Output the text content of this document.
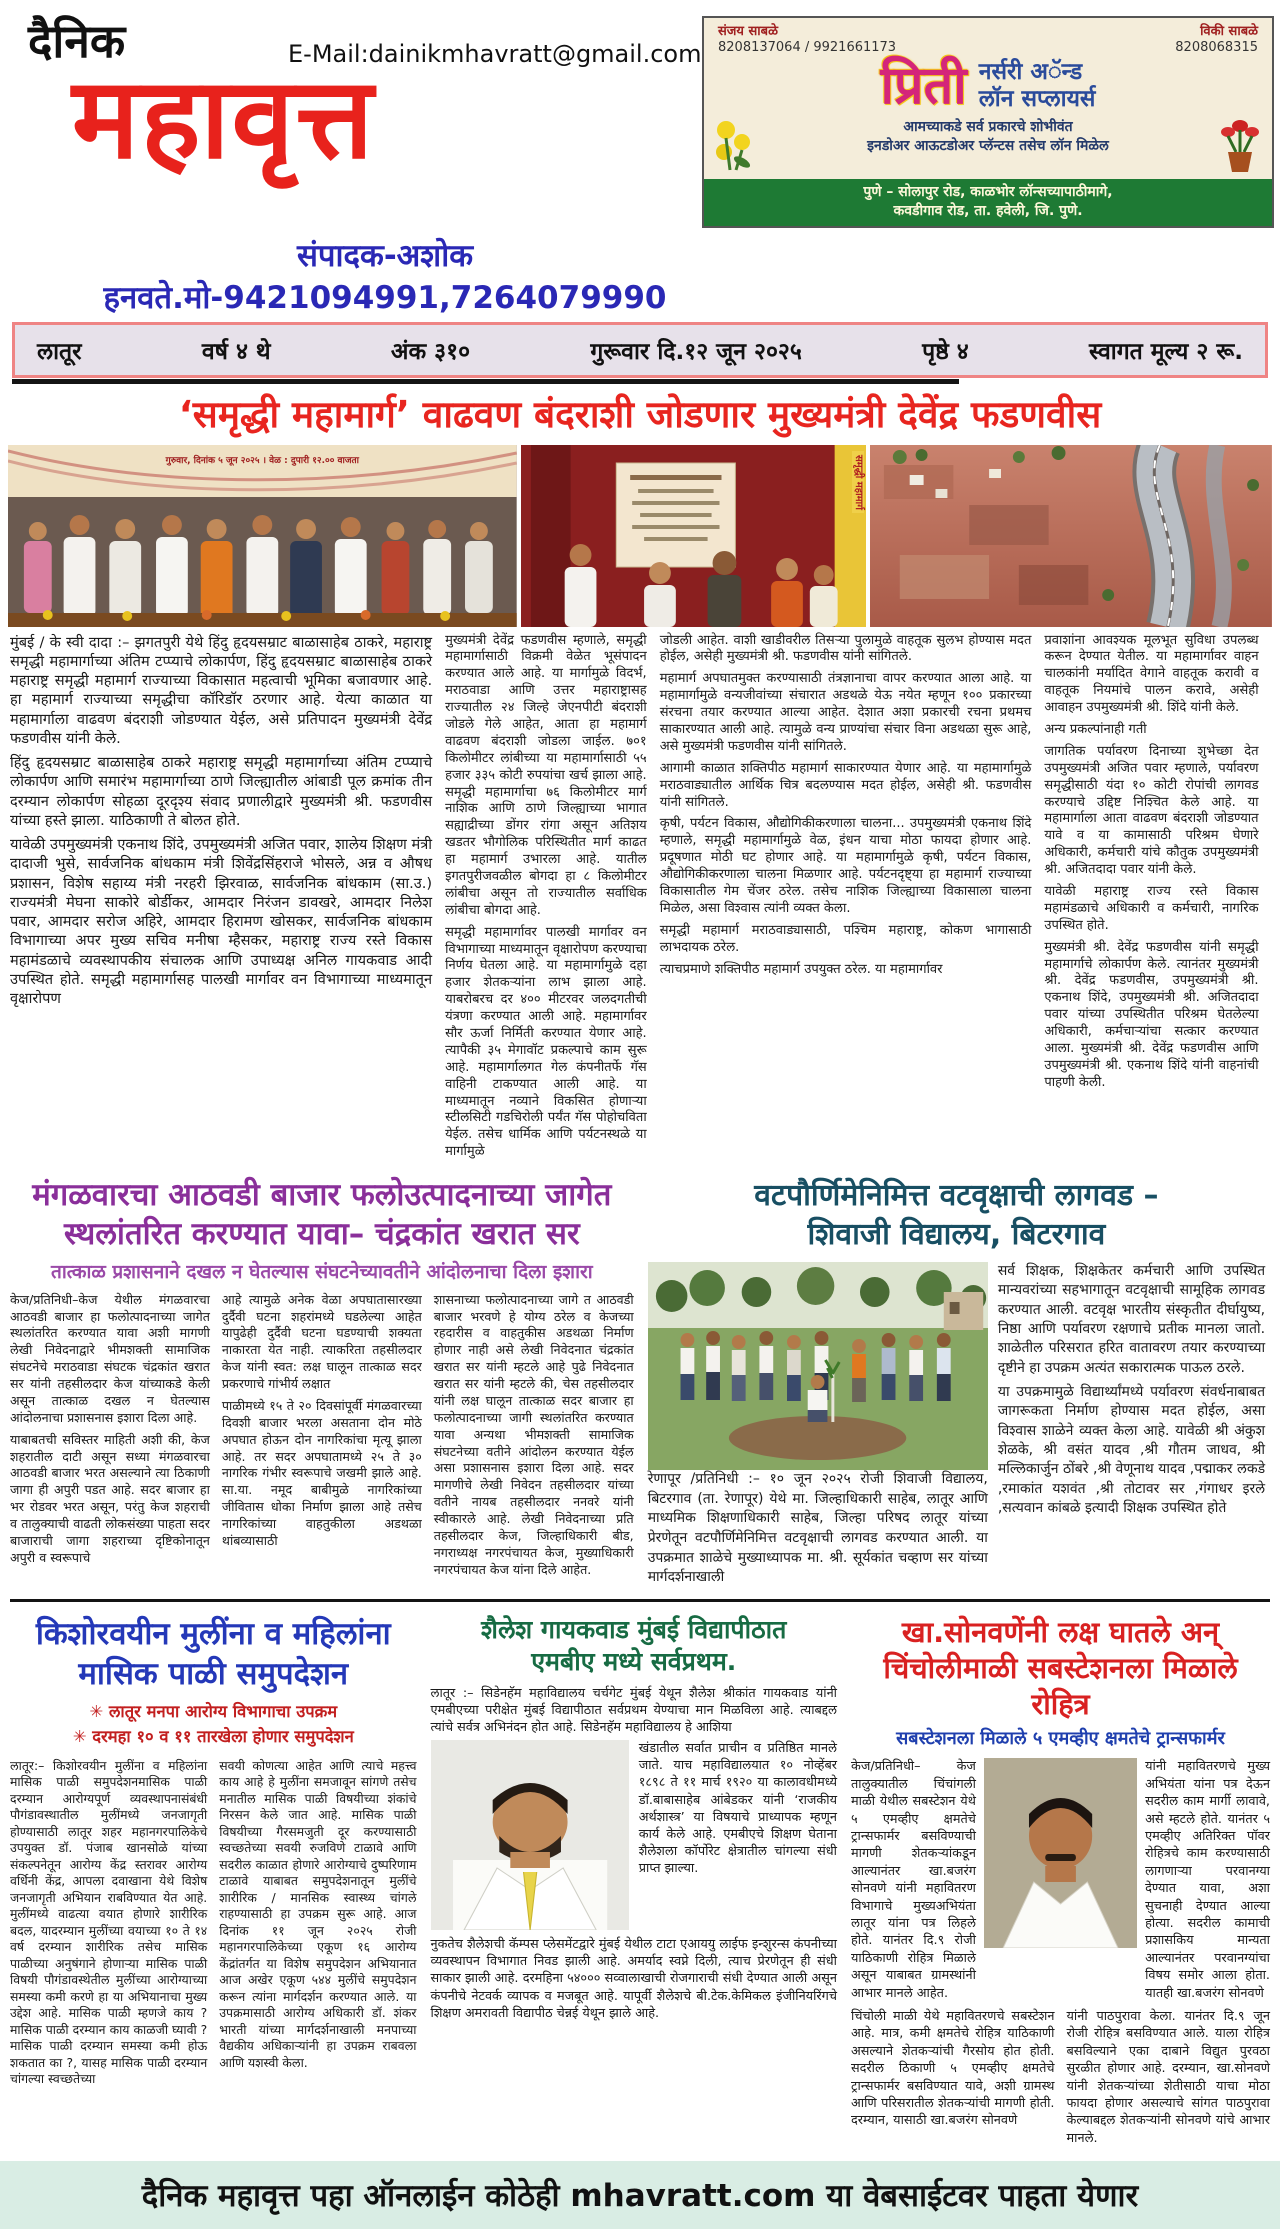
दैनिक	E-Mail:dainikmhavratt@gmail.com
महावृत्त
संजय साबळे
8208137064 / 9921661173
विकी साबळे
8208068315
प्रिती नर्सरी अॅन्ड
लॉन सप्लायर्स
आमच्याकडे सर्व प्रकारचे शोभीवंत
इनडोअर आऊटडोअर प्लॅन्टस तसेच लॉन मिळेल
पुणे – सोलापुर रोड, काळभोर लॉन्सच्यापाठीमागे,
कवडीगाव रोड, ता. हवेली, जि. पुणे.
संपादक-अशोक हनवते.मो-9421094991,7264079990
लातूर	वर्ष ४ थे	अंक ३१०	गुरूवार दि.१२ जून २०२५	पृष्ठे ४	स्वागत मूल्य २ रू.
‘समृद्धी महामार्ग’ वाढवण बंदराशी जोडणार मुख्यमंत्री देवेंद्र फडणवीस
गुरुवार, दिनांक ५ जून २०२५ । वेळ : दुपारी १२.०० वाजता	समृद्धी महामार्ग

मुंबई / के स्वी दादा :– झगतपुरी येथे हिंदु हृदयसम्राट बाळासाहेब ठाकरे, महाराष्ट्र समृद्धी महामार्गाच्या अंतिम टप्प्याचे लोकार्पण, हिंदु हृदयसम्राट बाळासाहेब ठाकरे महाराष्ट्र समृद्धी महामार्ग राज्याच्या विकासात महत्वाची भूमिका बजावणार आहे. हा महामार्ग राज्याच्या समृद्धीचा कॉरिडॉर ठरणार आहे. येत्या काळात या महामार्गाला वाढवण बंदराशी जोडण्यात येईल, असे प्रतिपादन मुख्यमंत्री देवेंद्र फडणवीस यांनी केले.

हिंदु हृदयसम्राट बाळासाहेब ठाकरे महाराष्ट्र समृद्धी महामार्गाच्या अंतिम टप्प्याचे लोकार्पण आणि समारंभ महामार्गाच्या ठाणे जिल्ह्यातील आंबाडी पूल क्रमांक तीन दरम्यान लोकार्पण सोहळा दूरदृश्य संवाद प्रणालीद्वारे मुख्यमंत्री श्री. फडणवीस यांच्या हस्ते झाला. याठिकाणी ते बोलत होते.

यावेळी उपमुख्यमंत्री एकनाथ शिंदे, उपमुख्यमंत्री अजित पवार, शालेय शिक्षण मंत्री दादाजी भुसे, सार्वजनिक बांधकाम मंत्री शिवेंद्रसिंहराजे भोसले, अन्न व औषध प्रशासन, विशेष सहाय्य मंत्री नरहरी झिरवाळ, सार्वजनिक बांधकाम (सा.उ.) राज्यमंत्री मेघना साकोरे बोर्डीकर, आमदार निरंजन डावखरे, आमदार निलेश पवार, आमदार सरोज अहिरे, आमदार हिरामण खोसकर, सार्वजनिक बांधकाम विभागाच्या अपर मुख्य सचिव मनीषा म्हैसकर, महाराष्ट्र राज्य रस्ते विकास महामंडळाचे व्यवस्थापकीय संचालक आणि उपाध्यक्ष अनिल गायकवाड आदी उपस्थित होते. समृद्धी महामार्गासह पालखी मार्गावर वन विभागाच्या माध्यमातून वृक्षारोपण

मुख्यमंत्री देवेंद्र फडणवीस म्हणाले, समृद्धी महामार्गासाठी विक्रमी वेळेत भूसंपादन करण्यात आले आहे. या मार्गामुळे विदर्भ, मराठवाडा आणि उत्तर महाराष्ट्रासह राज्यातील २४ जिल्हे जेएनपीटी बंदराशी जोडले गेले आहेत, आता हा महामार्ग वाढवण बंदराशी जोडला जाईल. ७०१ किलोमीटर लांबीच्या या महामार्गासाठी ५५ हजार ३३५ कोटी रुपयांचा खर्च झाला आहे. समृद्धी महामार्गाचा ७६ किलोमीटर मार्ग नाशिक आणि ठाणे जिल्ह्याच्या भागात सह्याद्रीच्या डोंगर रांगा असून अतिशय खडतर भौगोलिक परिस्थितीत मार्ग काढत हा महामार्ग उभारला आहे. यातील इगतपुरीजवळील बोगदा हा ८ किलोमीटर लांबीचा असून तो राज्यातील सर्वाधिक लांबीचा बोगदा आहे.

समृद्धी महामार्गावर पालखी मार्गावर वन विभागाच्या माध्यमातून वृक्षारोपण करण्याचा निर्णय घेतला आहे. या महामार्गामुळे दहा हजार शेतकऱ्यांना लाभ झाला आहे. याबरोबरच दर ४०० मीटरवर जलदगतीची यंत्रणा करण्यात आली आहे. महामार्गावर सौर ऊर्जा निर्मिती करण्यात येणार आहे. त्यापैकी ३५ मेगावॉट प्रकल्पाचे काम सुरू आहे. महामार्गालगत गेल कंपनीतर्फे गॅस वाहिनी टाकण्यात आली आहे. या माध्यमातून नव्याने विकसित होणाऱ्या स्टीलसिटी गडचिरोली पर्यंत गॅस पोहोचविता येईल. तसेच धार्मिक आणि पर्यटनस्थळे या मार्गामुळे

जोडली आहेत. वाशी खाडीवरील तिसऱ्या पुलामुळे वाहतूक सुलभ होण्यास मदत होईल, असेही मुख्यमंत्री श्री. फडणवीस यांनी सांगितले.

महामार्ग अपघातमुक्त करण्यासाठी तंत्रज्ञानाचा वापर करण्यात आला आहे. या महामार्गामुळे वन्यजीवांच्या संचारात अडथळे येऊ नयेत म्हणून १०० प्रकारच्या संरचना तयार करण्यात आल्या आहेत. देशात अशा प्रकारची रचना प्रथमच साकारण्यात आली आहे. त्यामुळे वन्य प्राण्यांचा संचार विना अडथळा सुरू आहे, असे मुख्यमंत्री फडणवीस यांनी सांगितले.

आगामी काळात शक्तिपीठ महामार्ग साकारण्यात येणार आहे. या महामार्गामुळे मराठवाड्यातील आर्थिक चित्र बदलण्यास मदत होईल, असेही श्री. फडणवीस यांनी सांगितले.

कृषी, पर्यटन विकास, औद्योगिकीकरणाला चालना... उपमुख्यमंत्री एकनाथ शिंदे म्हणाले, समृद्धी महामार्गामुळे वेळ, इंधन याचा मोठा फायदा होणार आहे. प्रदूषणात मोठी घट होणार आहे. या महामार्गामुळे कृषी, पर्यटन विकास, औद्योगिकीकरणाला चालना मिळणार आहे. पर्यटनदृष्ट्या हा महामार्ग राज्याच्या विकासातील गेम चेंजर ठरेल. तसेच नाशिक जिल्ह्याच्या विकासाला चालना मिळेल, असा विश्वास त्यांनी व्यक्त केला.

समृद्धी महामार्ग मराठवाड्यासाठी, पश्चिम महाराष्ट्र, कोकण भागासाठी लाभदायक ठरेल.

त्याचप्रमाणे शक्तिपीठ महामार्ग उपयुक्त ठरेल. या महामार्गावर

प्रवाशांना आवश्यक मूलभूत सुविधा उपलब्ध करून देण्यात येतील. या महामार्गावर वाहन चालकांनी मर्यादित वेगाने वाहतूक करावी व वाहतूक नियमांचे पालन करावे, असेही आवाहन उपमुख्यमंत्री श्री. शिंदे यांनी केले.

अन्य प्रकल्पांनाही गती

जागतिक पर्यावरण दिनाच्या शुभेच्छा देत उपमुख्यमंत्री अजित पवार म्हणाले, पर्यावरण समृद्धीसाठी यंदा १० कोटी रोपांची लागवड करण्याचे उद्दिष्ट निश्चित केले आहे. या महामार्गाला आता वाढवण बंदराशी जोडण्यात यावे व या कामासाठी परिश्रम घेणारे अधिकारी, कर्मचारी यांचे कौतुक उपमुख्यमंत्री श्री. अजितदादा पवार यांनी केले.

यावेळी महाराष्ट्र राज्य रस्ते विकास महामंडळाचे अधिकारी व कर्मचारी, नागरिक उपस्थित होते.

मुख्यमंत्री श्री. देवेंद्र फडणवीस यांनी समृद्धी महामार्गाचे लोकार्पण केले. त्यानंतर मुख्यमंत्री श्री. देवेंद्र फडणवीस, उपमुख्यमंत्री श्री. एकनाथ शिंदे, उपमुख्यमंत्री श्री. अजितदादा पवार यांच्या उपस्थितीत परिश्रम घेतलेल्या अधिकारी, कर्मचाऱ्यांचा सत्कार करण्यात आला. मुख्यमंत्री श्री. देवेंद्र फडणवीस आणि उपमुख्यमंत्री श्री. एकनाथ शिंदे यांनी वाहनांची पाहणी केली.

मंगळवारचा आठवडी बाजार फलोउत्पादनाच्या जागेत
स्थलांतरित करण्यात यावा– चंद्रकांत खरात सर
तात्काळ प्रशासनाने दखल न घेतल्यास संघटनेच्यावतीने आंदोलनाचा दिला इशारा

केज/प्रतिनिधी–केज येथील मंगळवारचा आठवडी बाजार हा फलोत्पादनाच्या जागेत स्थलांतरित करण्यात यावा अशी मागणी लेखी निवेदनाद्वारे भीमशक्ती सामाजिक संघटनेचे मराठवाडा संघटक चंद्रकांत खरात सर यांनी तहसीलदार केज यांच्याकडे केली असून तात्काळ दखल न घेतल्यास आंदोलनाचा प्रशासनास इशारा दिला आहे.

याबाबतची सविस्तर माहिती अशी की, केज शहरातील दाटी असून सध्या मंगळवारचा आठवडी बाजार भरत असल्याने त्या ठिकाणी जागा ही अपुरी पडत आहे. सदर बाजार हा भर रोडवर भरत असून, परंतु केज शहराची व तालुक्याची वाढती लोकसंख्या पाहता सदर बाजाराची जागा शहराच्या दृष्टिकोनातून अपुरी व स्वरूपाचे

आहे त्यामुळे अनेक वेळा अपघातासारख्या दुर्दैवी घटना शहरांमध्ये घडलेल्या आहेत यापुढेही दुर्दैवी घटना घडण्याची शक्यता नाकारता येत नाही. त्याकरिता तहसीलदार केज यांनी स्वत: लक्ष घालून तात्काळ सदर प्रकरणाचे गांभीर्य लक्षात

पाळीमध्ये १५ ते २० दिवसांपूर्वी मंगळवारच्या दिवशी बाजार भरला असताना दोन मोठे अपघात होऊन दोन नागरिकांचा मृत्यू झाला आहे. तर सदर अपघातामध्ये २५ ते ३० नागरिक गंभीर स्वरूपाचे जखमी झाले आहे. सा.या. नमूद बाबीमुळे नागरिकांच्या जीवितास धोका निर्माण झाला आहे तसेच नागरिकांच्या वाहतुकीला अडथळा थांबव्यासाठी

शासनाच्या फलोत्पादनाच्या जागे त आठवडी बाजार भरवणे हे योग्य ठरेल व केजच्या रहदारीस व वाहतुकीस अडथळा निर्माण होणार नाही असे लेखी निवेदनात चंद्रकांत खरात सर यांनी म्हटले आहे पुढे निवेदनात खरात सर यांनी म्हटले की, चेस तहसीलदार यांनी लक्ष घालून तात्काळ सदर बाजार हा फलोत्पादनाच्या जागी स्थलांतरित करण्यात यावा अन्यथा भीमशक्ती सामाजिक संघटनेच्या वतीने आंदोलन करण्यात येईल असा प्रशासनास इशारा दिला आहे. सदर मागणीचे लेखी निवेदन तहसीलदार यांच्या वतीने नायब तहसीलदार ननवरे यांनी स्वीकारले आहे. लेखी निवेदनाच्या प्रति तहसीलदार केज, जिल्हाधिकारी बीड, नगराध्यक्ष नगरपंचायत केज, मुख्याधिकारी नगरपंचायत केज यांना दिले आहेत.

वटपौर्णिमेनिमित्त वटवृक्षाची लागवड –
शिवाजी विद्यालय, बिटरगाव

रेणापूर /प्रतिनिधी :– १० जून २०२५ रोजी शिवाजी विद्यालय, बिटरगाव (ता. रेणापूर) येथे मा. जिल्हाधिकारी साहेब, लातूर आणि माध्यमिक शिक्षणाधिकारी साहेब, जिल्हा परिषद लातूर यांच्या प्रेरणेतून वटपौर्णिमेनिमित्त वटवृक्षाची लागवड करण्यात आली. या उपक्रमात शाळेचे मुख्याध्यापक मा. श्री. सूर्यकांत चव्हाण सर यांच्या मार्गदर्शनाखाली

सर्व शिक्षक, शिक्षकेतर कर्मचारी आणि उपस्थित मान्यवरांच्या सहभागातून वटवृक्षाची सामूहिक लागवड करण्यात आली. वटवृक्ष भारतीय संस्कृतीत दीर्घायुष्य, निष्ठा आणि पर्यावरण रक्षणाचे प्रतीक मानला जातो. शाळेतील परिसरात हरित वातावरण तयार करण्याच्या दृष्टीने हा उपक्रम अत्यंत सकारात्मक पाऊल ठरले.

या उपक्रमामुळे विद्यार्थ्यांमध्ये पर्यावरण संवर्धनाबाबत जागरूकता निर्माण होण्यास मदत होईल, असा विश्वास शाळेने व्यक्त केला आहे. यावेळी श्री अंकुश शेळके, श्री वसंत यादव ,श्री गौतम जाधव, श्री मल्लिकार्जुन ठोंबरे ,श्री वेणूनाथ यादव ,पद्माकर लकडे ,रमाकांत यशवंत ,श्री तोटावर सर ,गंगाधर इरले ,सत्यवान कांबळे इत्यादी शिक्षक उपस्थित होते

किशोरवयीन मुलींना व महिलांना
मासिक पाळी समुपदेशन
✳ लातूर मनपा आरोग्य विभागाचा उपक्रम
✳ दरमहा १० व ११ तारखेला होणार समुपदेशन

लातूर:– किशोरवयीन मुलींना व महिलांना मासिक पाळी समुपदेशनमासिक पाळी दरम्यान आरोग्यपूर्ण व्यवस्थापनासंबंधी पौगंडावस्थातील मुलींमध्ये जनजागृती होण्यासाठी लातूर शहर महानगरपालिकेचे उपयुक्त डॉ. पंजाब खानसोळे यांच्या संकल्पनेतून आरोग्य केंद्र स्तरावर आरोग्य वर्धिनी केंद्र, आपला दवाखाना येथे विशेष जनजागृती अभियान राबविण्यात येत आहे. मुलींमध्ये वाढत्या वयात होणारे शारीरिक बदल, यादरम्यान मुलींच्या वयाच्या १० ते १४ वर्ष दरम्यान शारीरिक तसेच मासिक पाळीच्या अनुषंगाने होणाऱ्या मासिक पाळी विषयी पौगंडावस्थेतील मुलींच्या आरोग्याच्या समस्या कमी करणे हा या अभियानाचा मुख्य उद्देश आहे. मासिक पाळी म्हणजे काय ? मासिक पाळी दरम्यान काय काळजी घ्यावी ? मासिक पाळी दरम्यान समस्या कमी होऊ शकतात का ?, यासह मासिक पाळी दरम्यान चांगल्या स्वच्छतेच्या

सवयी कोणत्या आहेत आणि त्याचे महत्त्व काय आहे हे मुलींना समजावून सांगणे तसेच मनातील मासिक पाळी विषयीच्या शंकांचे निरसन केले जात आहे. मासिक पाळी विषयीच्या गैरसमजुती दूर करण्यासाठी स्वच्छतेच्या सवयी रुजविणे टाळावे आणि सदरील काळात होणारे आरोग्याचे दुष्परिणाम टाळावे याबाबत समुपदेशनातून मुलींचे शारीरिक / मानसिक स्वास्थ्य चांगले राहण्यासाठी हा उपक्रम सुरू आहे. आज दिनांक ११ जून २०२५ रोजी महानगरपालिकेच्या एकूण १६ आरोग्य केंद्रांतर्गत या विशेष समुपदेशन अभियानात आज अखेर एकूण ५४४ मुलींचे समुपदेशन करून त्यांना मार्गदर्शन करण्यात आले. या उपक्रमासाठी आरोग्य अधिकारी डॉ. शंकर भारती यांच्या मार्गदर्शनाखाली मनपाच्या वैद्यकीय अधिकाऱ्यांनी हा उपक्रम राबवला आणि यशस्वी केला.

शैलेश गायकवाड मुंबई विद्यापीठात
एमबीए मध्ये सर्वप्रथम.

लातूर :– सिडेनहॅम महाविद्यालय चर्चगेट मुंबई येथून शैलेश श्रीकांत गायकवाड यांनी एमबीएच्या परीक्षेत मुंबई विद्यापीठात सर्वप्रथम येण्याचा मान मिळविला आहे. त्याबद्दल त्यांचे सर्वत्र अभिनंदन होत आहे. सिडेनहॅम महाविद्यालय हे आशिया

खंडातील सर्वात प्राचीन व प्रतिष्ठित मानले जाते. याच महाविद्यालयात १० नोव्हेंबर १८९८ ते ११ मार्च १९२० या कालावधीमध्ये डॉ.बाबासाहेब आंबेडकर यांनी ‘राजकीय अर्थशास्त्र’ या विषयाचे प्राध्यापक म्हणून कार्य केले आहे. एमबीएचे शिक्षण घेताना शैलेशला कॉर्पोरेट क्षेत्रातील चांगल्या संधी प्राप्त झाल्या.

नुकतेच शैलेशची कॅम्पस प्लेसमेंटद्वारे मुंबई येथील टाटा एआययु लाईफ इन्शुरन्स कंपनीच्या व्यवस्थापन विभागात निवड झाली आहे. अमर्याद स्वप्ने दिली, त्याच प्रेरणेतून ही संधी साकार झाली आहे. दरमहिना ५४००० सव्वालाखाची रोजगाराची संधी देण्यात आली असून कंपनीचे नेटवर्क व्यापक व मजबूत आहे. यापूर्वी शैलेशचे बी.टेक.केमिकल इंजीनियरिंगचे शिक्षण अमरावती विद्यापीठ चेन्नई येथून झाले आहे.

खा.सोनवणेंनी लक्ष घातले अन्
चिंचोलीमाळी सबस्टेशनला मिळाले रोहित्र
सबस्टेशनला मिळाले ५ एमव्हीए क्षमतेचे ट्रान्सफार्मर
केज/प्रतिनिधी– केज तालुक्यातील चिंचांगली माळी येथील सबस्टेशन येथे ५ एमव्हीए क्षमतेचे ट्रान्सफार्मर बसविण्याची मागणी शेतकऱ्यांकडून आल्यानंतर खा.बजरंग सोनवणे यांनी महावितरण विभागाचे मुख्यअभियंता लातूर यांना पत्र लिहले होते. यानंतर दि.९ रोजी याठिकाणी रोहित्र मिळाले असून याबाबत ग्रामस्थांनी आभार मानले आहेत.
यांनी महावितरणचे मुख्य अभियंता यांना पत्र देऊन सदरील काम मार्गी लावावे, असे म्हटले होते. यानंतर ५ एमव्हीए अतिरिक्त पॉवर रोहित्रचे काम करण्यासाठी लागणाऱ्या परवानग्या देण्यात यावा, अशा सुचनाही देण्यात आल्या होत्या. सदरील कामाची प्रशासकिय मान्यता आल्यानंतर परवानग्यांचा विषय समोर आला होता. यातही खा.बजरंग सोनवणे
चिंचोली माळी येथे महावितरणचे सबस्टेशन आहे. मात्र, कमी क्षमतेचे रोहित्र याठिकाणी असल्याने शेतकऱ्यांची गैरसोय होत होती. सदरील ठिकाणी ५ एमव्हीए क्षमतेचे ट्रान्सफार्मर बसविण्यात यावे, अशी ग्रामस्थ आणि परिसरातील शेतकऱ्यांची मागणी होती. दरम्यान, यासाठी खा.बजरंग सोनवणे
यांनी पाठपुरावा केला. यानंतर दि.९ जून रोजी रोहित्र बसविण्यात आले. याला रोहित्र बसविल्याने एका दाबाने विद्युत पुरवठा सुरळीत होणार आहे. दरम्यान, खा.सोनवणे यांनी शेतकऱ्यांच्या शेतीसाठी याचा मोठा फायदा होणार असल्याचे सांगत पाठपुरावा केल्याबद्दल शेतकऱ्यांनी सोनवणे यांचे आभार मानले.
दैनिक महावृत्त पहा ऑनलाईन कोठेही mhavratt.com या वेबसाईटवर पाहता येणार
